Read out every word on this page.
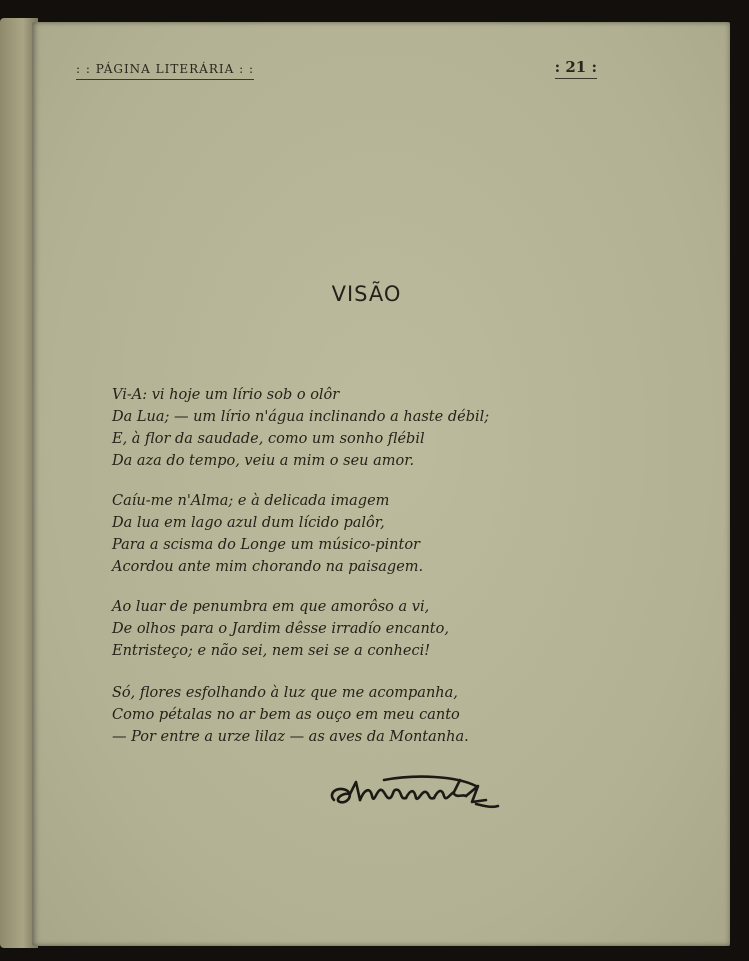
: : PÁGINA LITERÁRIA : :	: 21 :
VISÃO
Vi-A: vi hoje um lírio sob o olôr
Da Lua; — um lírio n'água inclinando a haste débil;
E, à flor da saudade, como um sonho flébil
Da aza do tempo, veiu a mim o seu amor.
Caíu-me n'Alma; e à delicada imagem
Da lua em lago azul dum lícido palôr,
Para a scisma do Longe um músico-pintor
Acordou ante mim chorando na paisagem.
Ao luar de penumbra em que amorôso a vi,
De olhos para o Jardim dêsse irradío encanto,
Entristeço; e não sei, nem sei se a conheci!
Só, flores esfolhando à luz que me acompanha,
Como pétalas no ar bem as ouço em meu canto
— Por entre a urze lilaz — as aves da Montanha.
